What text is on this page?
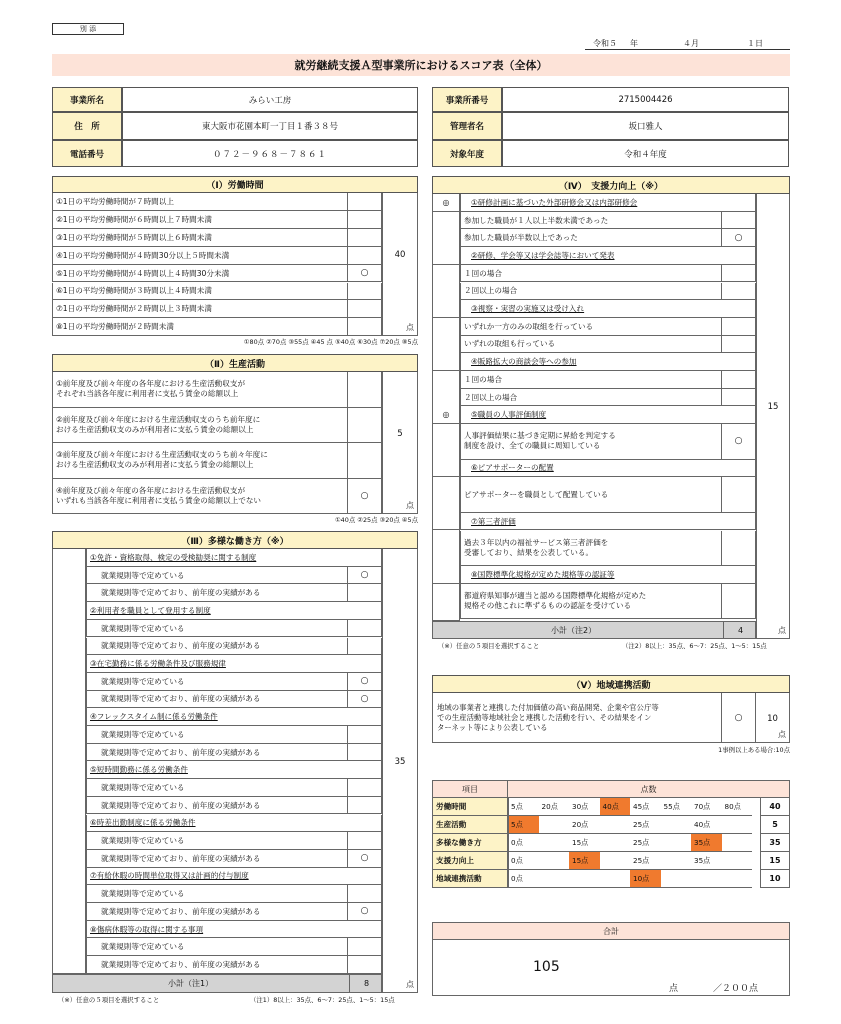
別 添
令和５ 年	４月	１日
就労継続支援Ａ型事業所におけるスコア表（全体）
事業所名	みらい工房
住　所	東大阪市花園本町一丁目１番３８号
電話番号	０７２－９６８－７８６１
事業所番号	2715004426
管理者名	坂口雅人
対象年度	令和４年度
（Ⅰ）労働時間
①1日の平均労働時間が７時間以上
②1日の平均労働時間が６時間以上７時間未満
③1日の平均労働時間が５時間以上６時間未満
④1日の平均労働時間が４時間30分以上５時間未満
⑤1日の平均労働時間が４時間以上４時間30分未満	○
⑥1日の平均労働時間が３時間以上４時間未満
⑦1日の平均労働時間が２時間以上３時間未満
⑧1日の平均労働時間が２時間未満
40
点
①80点 ②70点 ③55点 ④45 点 ⑤40点 ⑥30点 ⑦20点 ⑧5点
（Ⅱ）生産活動
①前年度及び前々年度の各年度における生産活動収支が
それぞれ当該各年度に利用者に支払う賃金の総額以上
②前年度及び前々年度における生産活動収支のうち前年度に
おける生産活動収支のみが利用者に支払う賃金の総額以上
③前年度及び前々年度における生産活動収支のうち前々年度に
おける生産活動収支のみが利用者に支払う賃金の総額以上
④前年度及び前々年度の各年度における生産活動収支が
いずれも当該各年度に利用者に支払う賃金の総額以上でない	○
5
点
①40点 ②25点 ③20点 ④5点
（Ⅲ）多様な働き方（※）
①免許・資格取得、検定の受検勧奨に関する制度
就業規則等で定めている	○
就業規則等で定めており、前年度の実績がある
②利用者を職員として登用する制度
就業規則等で定めている
就業規則等で定めており、前年度の実績がある
③在宅勤務に係る労働条件及び服務規律
就業規則等で定めている	○
就業規則等で定めており、前年度の実績がある	○
④フレックスタイム制に係る労働条件
就業規則等で定めている
就業規則等で定めており、前年度の実績がある
⑤短時間勤務に係る労働条件
就業規則等で定めている
就業規則等で定めており、前年度の実績がある
⑥時差出勤制度に係る労働条件
就業規則等で定めている
就業規則等で定めており、前年度の実績がある	○
⑦有給休暇の時間単位取得又は計画的付与制度
就業規則等で定めている
就業規則等で定めており、前年度の実績がある	○
⑧傷病休暇等の取得に関する事項
就業規則等で定めている
就業規則等で定めており、前年度の実績がある
35
点
小計（注1）	8
（※）任意の５項目を選択すること	（注1）8以上：35点、6～7：25点、1～5：15点
（Ⅳ）　支援力向上（※）
◎	①研修計画に基づいた外部研修会又は内部研修会
参加した職員が１人以上半数未満であった
参加した職員が半数以上であった	○
②研修、学会等又は学会誌等において発表
１回の場合
２回以上の場合
③視察・実習の実施又は受け入れ
いずれか一方のみの取組を行っている
いずれの取組も行っている
④販路拡大の商談会等への参加
１回の場合
２回以上の場合
◎	⑤職員の人事評価制度
人事評価結果に基づき定期に昇給を判定する
制度を設け、全ての職員に周知している	○
⑥ピアサポーターの配置
ピアサポーターを職員として配置している
⑦第三者評価
過去３年以内の福祉サービス第三者評価を
受審しており、結果を公表している。
⑧国際標準化規格が定めた規格等の認証等
都道府県知事が適当と認める国際標準化規格が定めた
規格その他これに準ずるものの認証を受けている
15
点
小計（注2）	4
（※）任意の５項目を選択すること	（注2）8以上：35点、6～7：25点、1～5：15点
（Ⅴ）地域連携活動
地域の事業者と連携した付加価値の高い商品開発、企業や官公庁等
での生産活動等地域社会と連携した活動を行い、その結果をイン
ターネット等により公表している
○	10
点
1事例以上ある場合:10点
項目	点数
労働時間	5点	20点	30点	40点	45点	55点	70点	80点	40
生産活動	5点	20点	25点	40点	5
多様な働き方	0点	15点	25点	35点	35
支援力向上	0点	15点	25点	35点	15
地域連携活動	0点	10点	10
合計
105
点	／２００点
